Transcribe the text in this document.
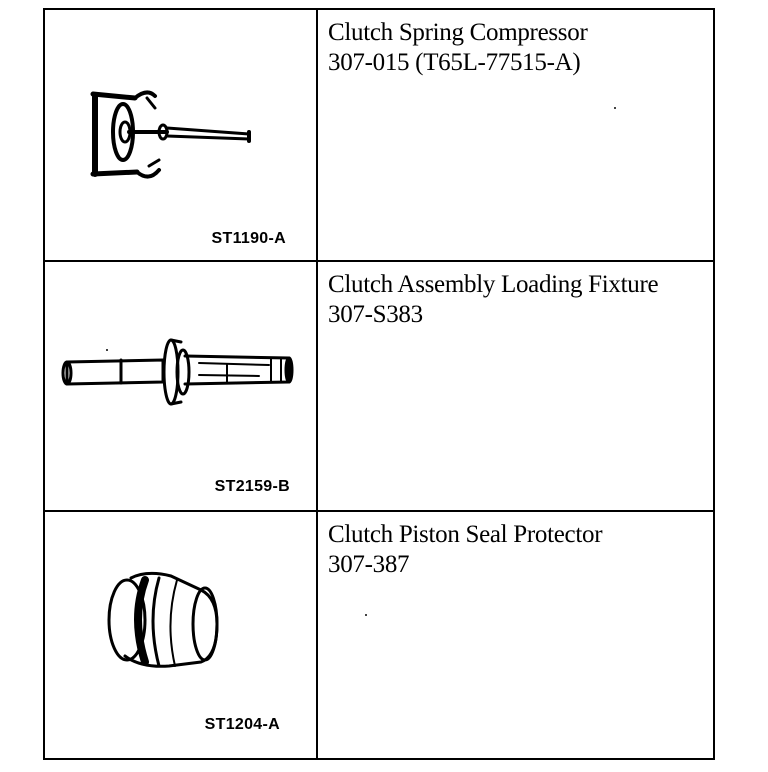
ST1190-A
Clutch Spring Compressor
307-015 (T65L-77515-A)
ST2159-B
Clutch Assembly Loading Fixture
307-S383
ST1204-A
Clutch Piston Seal Protector
307-387
